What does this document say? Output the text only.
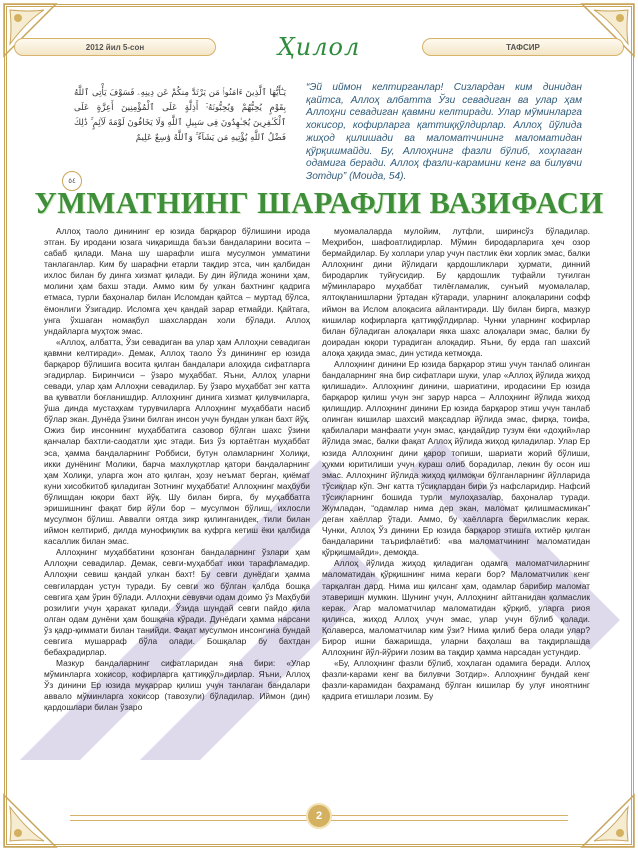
2012 йил 5-сон	Ҳилол	ТАФСИР
يَـٰٓأَيُّهَا ٱلَّذِينَ ءَامَنُوا۟ مَن يَرْتَدَّ مِنكُمْ عَن دِينِهِۦ فَسَوْفَ يَأْتِى ٱللَّهُ بِقَوْمٍ يُحِبُّهُمْ وَيُحِبُّونَهُۥٓ أَذِلَّةٍ عَلَى ٱلْمُؤْمِنِينَ أَعِزَّةٍ عَلَى ٱلْكَـٰفِرِينَ يُجَـٰهِدُونَ فِى سَبِيلِ ٱللَّهِ وَلَا يَخَافُونَ لَوْمَةَ لَآئِمٍ ۚ ذَٰلِكَ فَضْلُ ٱللَّهِ يُؤْتِيهِ مَن يَشَآءُ ۚ وَٱللَّهُ وَٰسِعٌ عَلِيمٌ
٥٤
“Эй иймон келтирганлар! Сизлардан ким динидан қайтса, Аллоҳ албатта Ўзи севадиган ва улар ҳам Аллоҳни севадиган қавмни келтиради. Улар мўминларга хокисор, кофирларга қаттиққўлдирлар. Аллоҳ йўлида жиҳод қилишади ва маломатчининг маломатидан қўрқишмайди. Бу, Аллоҳнинг фазли бўлиб, хоҳлаган одамига беради. Аллоҳ фазли-карамини кенг ва билувчи Зотдир” (Моида, 54).
УММАТНИНГ ШАРАФЛИ ВАЗИФАСИ

Аллоҳ таоло динининг ер юзида барқарор бўлишини ирода этган. Бу иродани юзага чиқаришда баъзи бандаларини восита – сабаб қилади. Мана шу шарафли ишга мусулмон умматини танлаганлар. Ким бу шарафни етарли тақдир этса, чин қалбидан ихлос билан бу динга хизмат қилади. Бу дин йўлида жонини ҳам, молини ҳам бахш этади. Аммо ким бу улкан бахтнинг қадрига етмаса, турли баҳоналар билан Исломдан қайтса – муртад бўлса, ёмонлиги Ўзигадир. Исломга ҳеч қандай зарар етмайди. Қайтага, унга ўхшаган номақбул шахслардан холи бўлади. Аллоҳ ундайларга муҳтож эмас.

«Аллоҳ, албатта, Ўзи севадиган ва улар ҳам Аллоҳни севадиган қавмни келтиради». Демак, Аллоҳ таоло Ўз динининг ер юзида барқарор бўлишига восита қилган бандалари алоҳида сифатларга эгадирлар. Биринчиси – ўзаро муҳаббат. Яъни, Аллоҳ уларни севади, улар ҳам Аллоҳни севадилар. Бу ўзаро муҳаббат энг катта ва қувватли боғланишдир. Аллоҳнинг динига хизмат қилувчиларга, ўша динда мустаҳкам турувчиларга Аллоҳнинг муҳаббати насиб бўлар экан. Дунёда ўзини билган инсон учун бундан улкан бахт йўқ. Ожиз бир инсоннинг муҳаббатига сазовор бўлган шахс ўзини қанчалар бахтли-саодатли ҳис этади. Биз ўз юртаётган муҳаббат эса, ҳамма бандаларнинг Роббиси, бутун оламларнинг Холиқи, икки дунёнинг Молики, барча махлуқотлар қатори бандаларнинг ҳам Холиқи, уларга жон ато қилган, ҳозу неъмат берган, қиёмат куни хисобкитоб қиладиган Зотнинг муҳаббати! Аллоҳнинг маҳбуби бўлишдан юқори бахт йўқ. Шу билан бирга, бу муҳаббатга эришишнинг фақат бир йўли бор – мусулмон бўлиш, ихлосли мусулмон бўлиш. Аввалги оятда зикр қилинганидек, тили билан иймон келтириб, дилда мунофиқлик ва куфрга кетиш ёки қалбида касаллик билан эмас.

Аллоҳнинг муҳаббатини қозонган бандаларнинг ўзлари ҳам Аллоҳни севадилар. Демак, севги-муҳаббат икки тарафламадир. Аллоҳни севиш қандай улкан бахт! Бу севги дунёдаги ҳамма севгилардан устун туради. Бу севги жо бўлган қалбда бошқа севгига ҳам ўрин бўлади. Аллоҳни севувчи одам доимо ўз Маҳбуби розилиги учун ҳаракат қилади. Ўзида шундай севги пайдо қила олган одам дунёни ҳам бошқача кўради. Дунёдаги ҳамма нарсани ўз қадр-қиммати билан танийди. Фақат мусулмон инсонгина бундай севгига мушарраф бўла олади. Бошқалар бу бахтдан бебаҳрадирлар.

Мазкур бандаларнинг сифатларидан яна бири: «Улар мўминларга хокисор, кофирларга қаттиққўл»дирлар. Яъни, Аллоҳ Ўз динини Ер юзида муқаррар қилиш учун танлаган бандалари аввало мўминларга хокисор (тавозули) бўладилар. Иймон (дин) қардошлари билан ўзаро

муомалаларда мулойим, лутфли, ширинсўз бўладилар. Меҳрибон, шафоатлидирлар. Мўмин биродарларига ҳеч озор бермайдилар. Бу холлари улар учун пастлик ёки хорлик эмас, балки Аллоҳнинг дини йўлидаги қардошликлари ҳурмати, динний биродарлик туйғусидир. Бу қардошлик туфайли туғилган мўминларaро муҳаббат тилёғламалик, сунъий муомалалар, ялтоқланишларни ўртадан кўтаради, уларнинг алоқаларини софф иймон ва Ислом алоқасига айлантиради. Шу билан бирга, мазкур кишилар кофирларга қаттиққўлдирлар. Чунки уларнинг кофирлар билан бўладиган алоқалари якка шахс алоқалари эмас, балки бу доирадан юқори турадиган алоқадир. Яъни, бу ерда гап шахсий алоқа ҳақида эмас, дин устида кетмоқда.

Аллоҳнинг динини Ер юзида барқарор этиш учун танлаб олинган бандаларнинг яна бир сифатлари шуки, улар «Аллоҳ йўлида жиҳод қилишади». Аллоҳнинг динини, шариатини, иродасини Ер юзида барқарор қилиш учун энг зарур нарса – Аллоҳнинг йўлида жиҳод қилишдир. Аллоҳнинг динини Ер юзида барқарор этиш учун танлаб олинган кишилар шахсий мақсадлар йўлида эмас, фирқа, тоифа, қабилалари манфаати учун эмас, қандайдир тузум ёки «доҳий»лар йўлида эмас, балки фақат Аллоҳ йўлида жиҳод қиладилар. Улар Ер юзида Аллоҳнинг дини қарор топиши, шариати жорий бўлиши, ҳукми юритилиши учун кураш олиб борадилар, лекин бу осон иш эмас. Аллоҳнинг йўлида жиҳод қилмоқчи бўлганларнинг йўлларида тўсиқлар кўп. Энг катта тўсиқлардан бири ўз нафсларидир. Нафсий тўсиқларнинг бошида турли мулоҳазалар, баҳоналар туради. Жумладан, “одамлар нима дер экан, маломат қилишмасмикан” деган хаёллар ўтади. Аммо, бу хаёлларга берилмаслик керак. Чунки, Аллоҳ Ўз динини Ер юзида барқарор этишга ихтиёр қилган бандаларини таърифлаётиб: «ва маломатчининг маломатидан қўрқишмайди», демоқда.

Аллоҳ йўлида жиҳод қиладиган одамга маломатчиларнинг маломатидан қўрқишнинг нима кераги бор? Маломатчилик кенг тарқалган дард. Нима иш қилсанг ҳам, одамлар барибир маломат этаверишн мумкин. Шунинг учун, Аллоҳнинг айтганидан қолмаслик керак. Агар маломатчилар маломатидан қўрқиб, уларга риоя қилинса, жиҳод Аллоҳ учун эмас, улар учун бўлиб қолади. Қолаверса, маломатчилар ким ўзи? Нима қилиб бера олади улар? Бирор ишни бажаришда, уларни баҳолаш ва тақдирлашда Аллоҳнинг йўл-йўриғи лозим ва тақдир ҳамма нарсадан устундир.

«Бу, Аллоҳнинг фазли бўлиб, хоҳлаган одамига беради. Аллоҳ фазли-карами кенг ва билувчи Зотдир». Аллоҳнинг бундай кенг фазли-карамидан баҳраманд бўлган кишилар бу улуғ иноятнинг қадрига етишлари лозим. Бу

2
